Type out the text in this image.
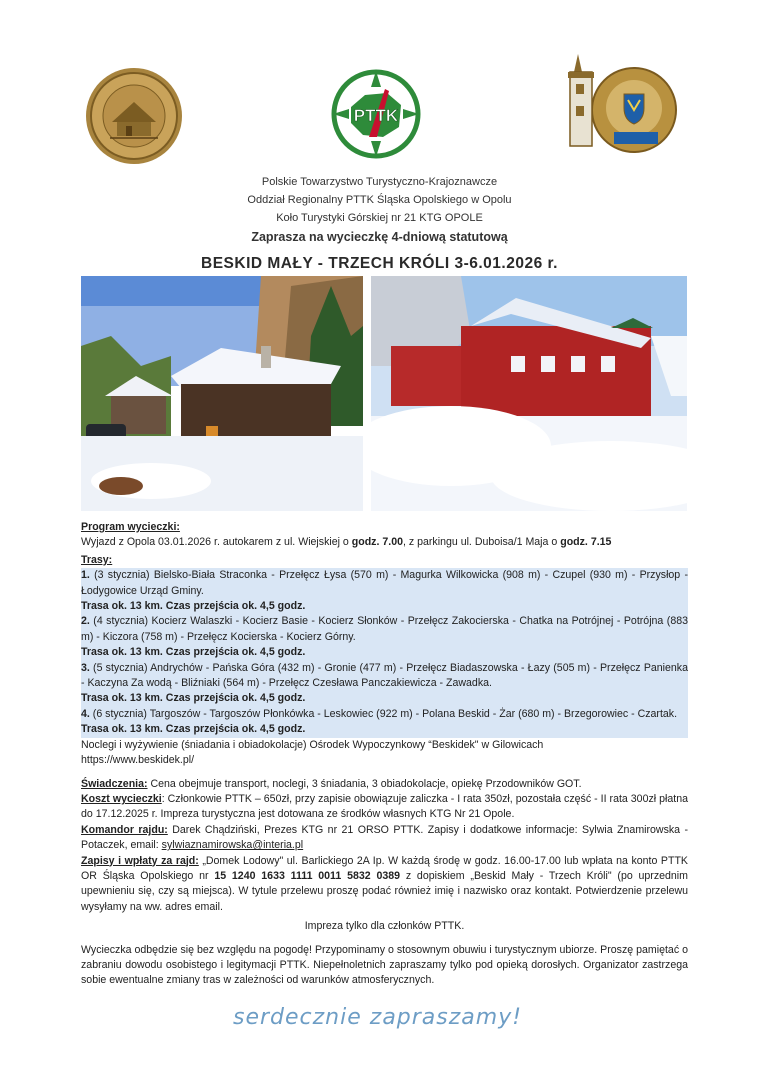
PTTK
Polskie Towarzystwo Turystyczno-Krajoznawcze
Oddział Regionalny PTTK Śląska Opolskiego w Opolu
Koło Turystyki Górskiej nr 21 KTG OPOLE
Zaprasza na wycieczkę 4-dniową statutową
BESKID MAŁY - TRZECH KRÓLI 3-6.01.2026 r.
Program wycieczki:
Wyjazd z Opola 03.01.2026 r. autokarem z ul. Wiejskiej o godz. 7.00, z parkingu ul. Duboisa/1 Maja o godz. 7.15
Trasy:
1. (3 stycznia) Bielsko-Biała Straconka - Przełęcz Łysa (570 m) - Magurka Wilkowicka (908 m) - Czupel (930 m) - Przysłop - Łodygowice Urząd Gminy.
Trasa ok. 13 km. Czas przejścia ok. 4,5 godz.
2. (4 stycznia) Kocierz Walaszki - Kocierz Basie - Kocierz Słonków - Przełęcz Zakocierska - Chatka na Potrójnej - Potrójna (883 m) - Kiczora (758 m) - Przełęcz Kocierska - Kocierz Górny.
Trasa ok. 13 km. Czas przejścia ok. 4,5 godz.
3. (5 stycznia) Andrychów - Pańska Góra (432 m) - Gronie (477 m) - Przełęcz Biadaszowska - Łazy (505 m) - Przełęcz Panienka - Kaczyna Za wodą - Bliźniaki (564 m) - Przełęcz Czesława Panczakiewicza - Zawadka.
Trasa ok. 13 km. Czas przejścia ok. 4,5 godz.
4. (6 stycznia) Targoszów - Targoszów Płonkówka - Leskowiec (922 m) - Polana Beskid - Żar (680 m) - Brzegorowiec - Czartak.
Trasa ok. 13 km. Czas przejścia ok. 4,5 godz.
Noclegi i wyżywienie (śniadania i obiadokolacje) Ośrodek Wypoczynkowy “Beskidek" w Gilowicach
https://www.beskidek.pl/
Świadczenia: Cena obejmuje transport, noclegi, 3 śniadania, 3 obiadokolacje, opiekę Przodowników GOT.
Koszt wycieczki: Członkowie PTTK – 650zł, przy zapisie obowiązuje zaliczka - I rata 350zł, pozostała część - II rata 300zł płatna do 17.12.2025 r. Impreza turystyczna jest dotowana ze środków własnych KTG Nr 21 Opole.
Komandor rajdu: Darek Chądziński, Prezes KTG nr 21 ORSO PTTK. Zapisy i dodatkowe informacje: Sylwia Znamirowska -Potaczek, email: sylwiaznamirowska@interia.pl
Zapisy i wpłaty za rajd: „Domek Lodowy" ul. Barlickiego 2A Ip. W każdą środę w godz. 16.00-17.00 lub wpłata na konto PTTK OR Śląska Opolskiego nr 15 1240 1633 1111 0011 5832 0389 z dopiskiem „Beskid Mały - Trzech Króli" (po uprzednim upewnieniu się, czy są miejsca). W tytule przelewu proszę podać również imię i nazwisko oraz kontakt. Potwierdzenie przelewu wysyłamy na ww. adres email.
Impreza tylko dla członków PTTK.
Wycieczka odbędzie się bez względu na pogodę! Przypominamy o stosownym obuwiu i turystycznym ubiorze. Proszę pamiętać o zabraniu dowodu osobistego i legitymacji PTTK. Niepełnoletnich zapraszamy tylko pod opieką dorosłych. Organizator zastrzega sobie ewentualne zmiany tras w zależności od warunków atmosferycznych.
serdecznie zapraszamy!
